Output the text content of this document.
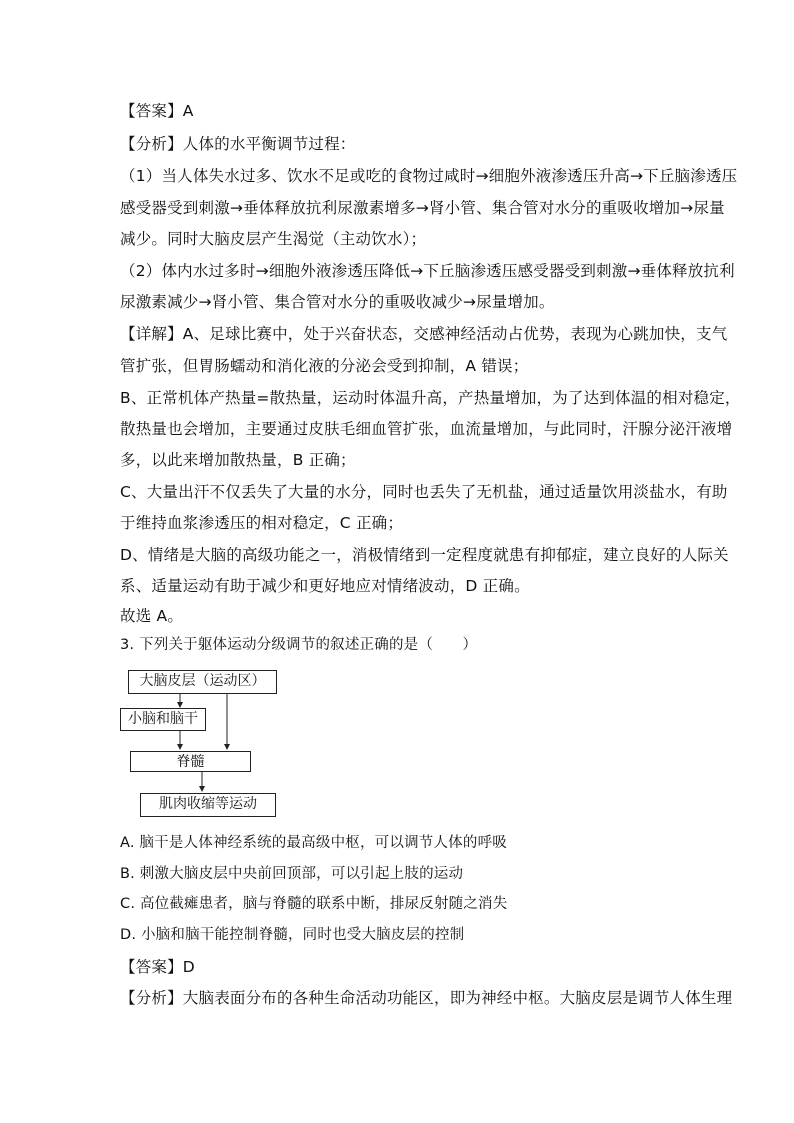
【答案】A
【分析】人体的水平衡调节过程：
（1）当人体失水过多、饮水不足或吃的食物过咸时→细胞外液渗透压升高→下丘脑渗透压
感受器受到刺激→垂体释放抗利尿激素增多→肾小管、集合管对水分的重吸收增加→尿量
减少。同时大脑皮层产生渴觉（主动饮水）；
（2）体内水过多时→细胞外液渗透压降低→下丘脑渗透压感受器受到刺激→垂体释放抗利
尿激素减少→肾小管、集合管对水分的重吸收减少→尿量增加。
【详解】A、足球比赛中，处于兴奋状态，交感神经活动占优势，表现为心跳加快，支气
管扩张，但胃肠蠕动和消化液的分泌会受到抑制，A 错误；
B、正常机体产热量=散热量，运动时体温升高，产热量增加，为了达到体温的相对稳定，
散热量也会增加，主要通过皮肤毛细血管扩张，血流量增加，与此同时，汗腺分泌汗液增
多，以此来增加散热量，B 正确；
C、大量出汗不仅丢失了大量的水分，同时也丢失了无机盐，通过适量饮用淡盐水，有助
于维持血浆渗透压的相对稳定，C 正确；
D、情绪是大脑的高级功能之一，消极情绪到一定程度就患有抑郁症，建立良好的人际关
系、适量运动有助于减少和更好地应对情绪波动，D 正确。
故选 A。
3. 下列关于躯体运动分级调节的叙述正确的是（　　）
大脑皮层（运动区）
小脑和脑干
脊髓
肌肉收缩等运动
A. 脑干是人体神经系统的最高级中枢，可以调节人体的呼吸
B. 刺激大脑皮层中央前回顶部，可以引起上肢的运动
C. 高位截瘫患者，脑与脊髓的联系中断，排尿反射随之消失
D. 小脑和脑干能控制脊髓，同时也受大脑皮层的控制
【答案】D
【分析】大脑表面分布的各种生命活动功能区，即为神经中枢。大脑皮层是调节人体生理
